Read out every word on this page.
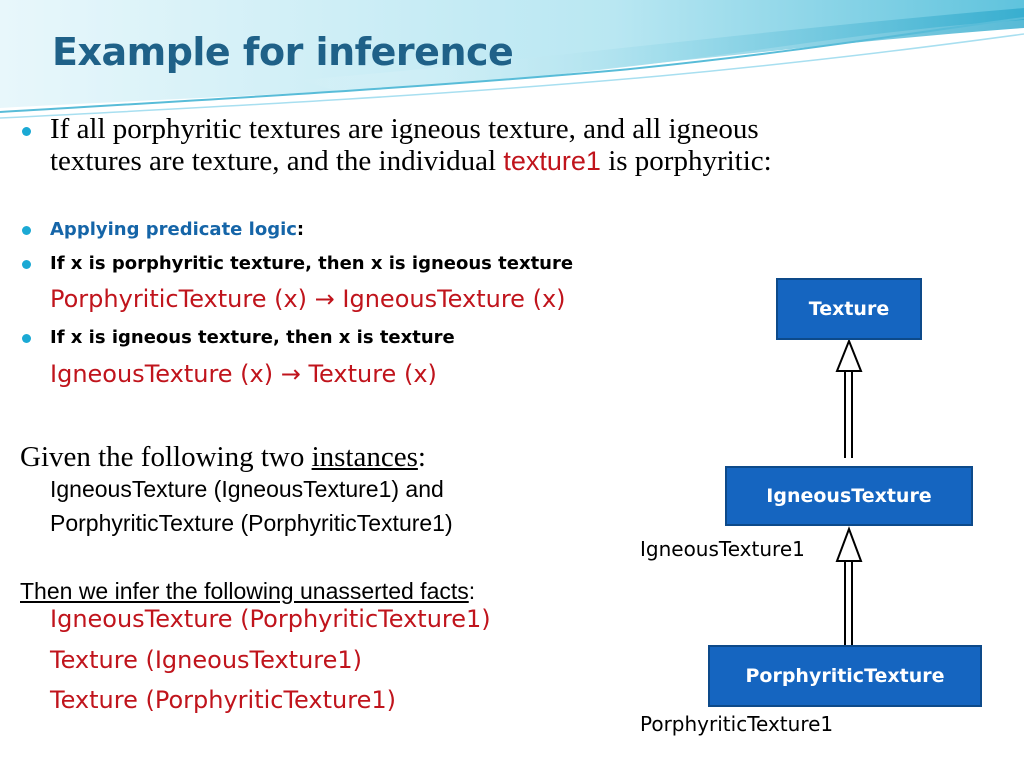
Example for inference
If all porphyritic textures are igneous texture, and all igneous
textures are texture, and the individual texture1 is porphyritic:
Applying predicate logic:
If x is porphyritic texture, then x is igneous texture
PorphyriticTexture (x) → IgneousTexture (x)
If x is igneous texture, then x is texture
IgneousTexture (x) → Texture (x)
Given the following two instances:
IgneousTexture (IgneousTexture1) and
PorphyriticTexture (PorphyriticTexture1)
Then we infer the following unasserted facts:
IgneousTexture (PorphyriticTexture1)
Texture (IgneousTexture1)
Texture (PorphyriticTexture1)
Texture
IgneousTexture
PorphyriticTexture
IgneousTexture1
PorphyriticTexture1
